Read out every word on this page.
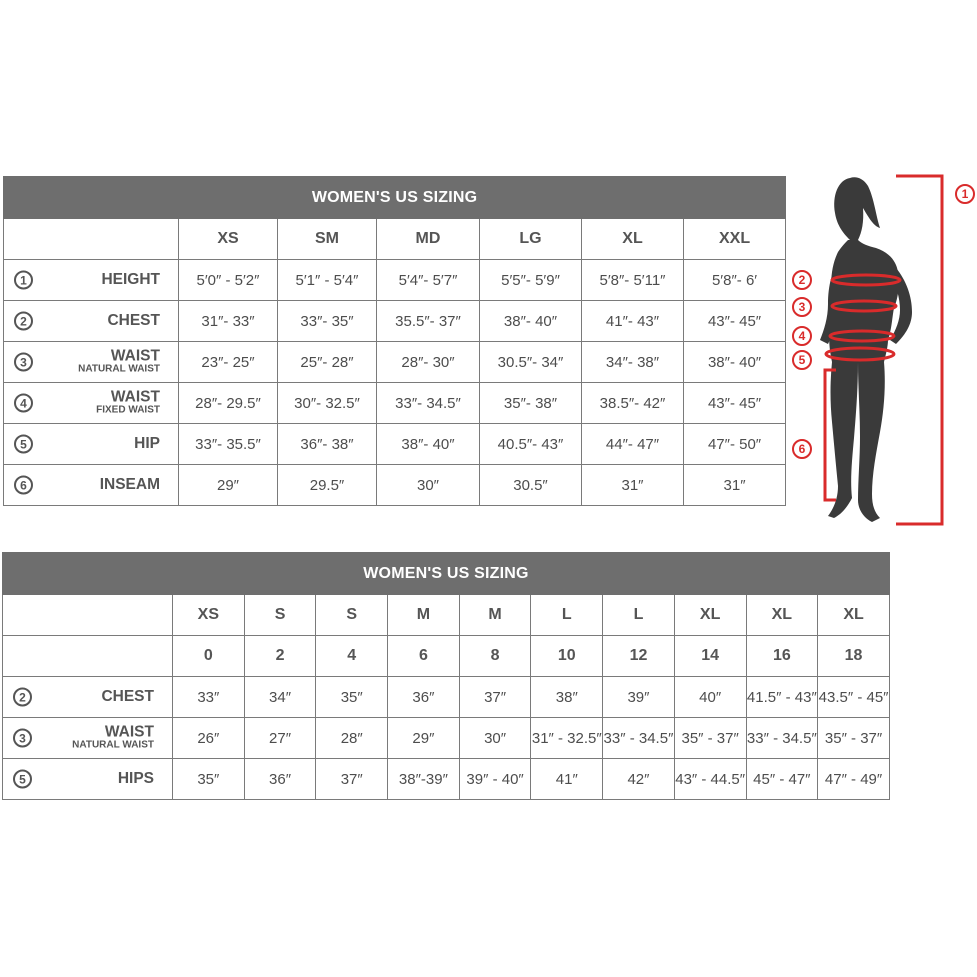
WOMEN'S US SIZING						
	XS	SM	MD	LG	XL	XXL

1 HEIGHT	5′0″ - 5′2″	5′1″ - 5′4″	5′4″- 5′7″	5′5″- 5′9″	5′8″- 5′11″	5′8″- 6′

2 CHEST	31″- 33″	33″- 35″	35.5″- 37″	38″- 40″	41″- 43″	43″- 45″

3 WAIST
NATURAL WAIST	23″- 25″	25″- 28″	28″- 30″	30.5″- 34″	34″- 38″	38″- 40″

4 WAIST
FIXED WAIST	28″- 29.5″	30″- 32.5″	33″- 34.5″	35″- 38″	38.5″- 42″	43″- 45″

5 HIP	33″- 35.5″	36″- 38″	38″- 40″	40.5″- 43″	44″- 47″	47″- 50″

6 INSEAM	29″	29.5″	30″	30.5″	31″	31″
WOMEN'S US SIZING										
	XS	S	S	M	M	L	L	XL	XL	XL
	0	2	4	6	8	10	12	14	16	18

2 CHEST	33″	34″	35″	36″	37″	38″	39″	40″	41.5″ - 43″	43.5″ - 45″

3 WAIST
NATURAL WAIST	26″	27″	28″	29″	30″	31″ - 32.5″	33″ - 34.5″	35″ - 37″	33″ - 34.5″	35″ - 37″

5 HIPS	35″	36″	37″	38″-39″	39″ - 40″	41″	42″	43″ - 44.5″	45″ - 47″	47″ - 49″
1
2
3
4
5
6
